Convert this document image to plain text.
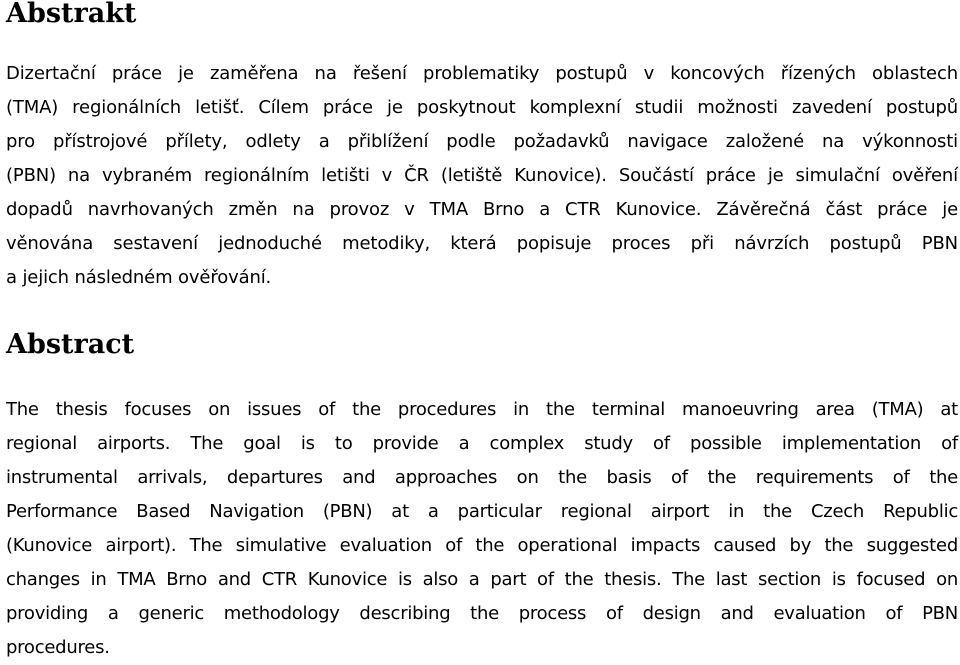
Abstrakt
Dizertační práce je zaměřena na řešení problematiky postupů v koncových řízených oblastech
(TMA) regionálních letišť. Cílem práce je poskytnout komplexní studii možnosti zavedení postupů
pro přístrojové přílety, odlety a přiblížení podle požadavků navigace založené na výkonnosti
(PBN) na vybraném regionálním letišti v ČR (letiště Kunovice). Součástí práce je simulační ověření
dopadů navrhovaných změn na provoz v TMA Brno a CTR Kunovice. Závěrečná část práce je
věnována sestavení jednoduché metodiky, která popisuje proces při návrzích postupů PBN
a jejich následném ověřování.
Abstract
The thesis focuses on issues of the procedures in the terminal manoeuvring area (TMA) at
regional airports. The goal is to provide a complex study of possible implementation of
instrumental arrivals, departures and approaches on the basis of the requirements of the
Performance Based Navigation (PBN) at a particular regional airport in the Czech Republic
(Kunovice airport). The simulative evaluation of the operational impacts caused by the suggested
changes in TMA Brno and CTR Kunovice is also a part of the thesis. The last section is focused on
providing a generic methodology describing the process of design and evaluation of PBN
procedures.
